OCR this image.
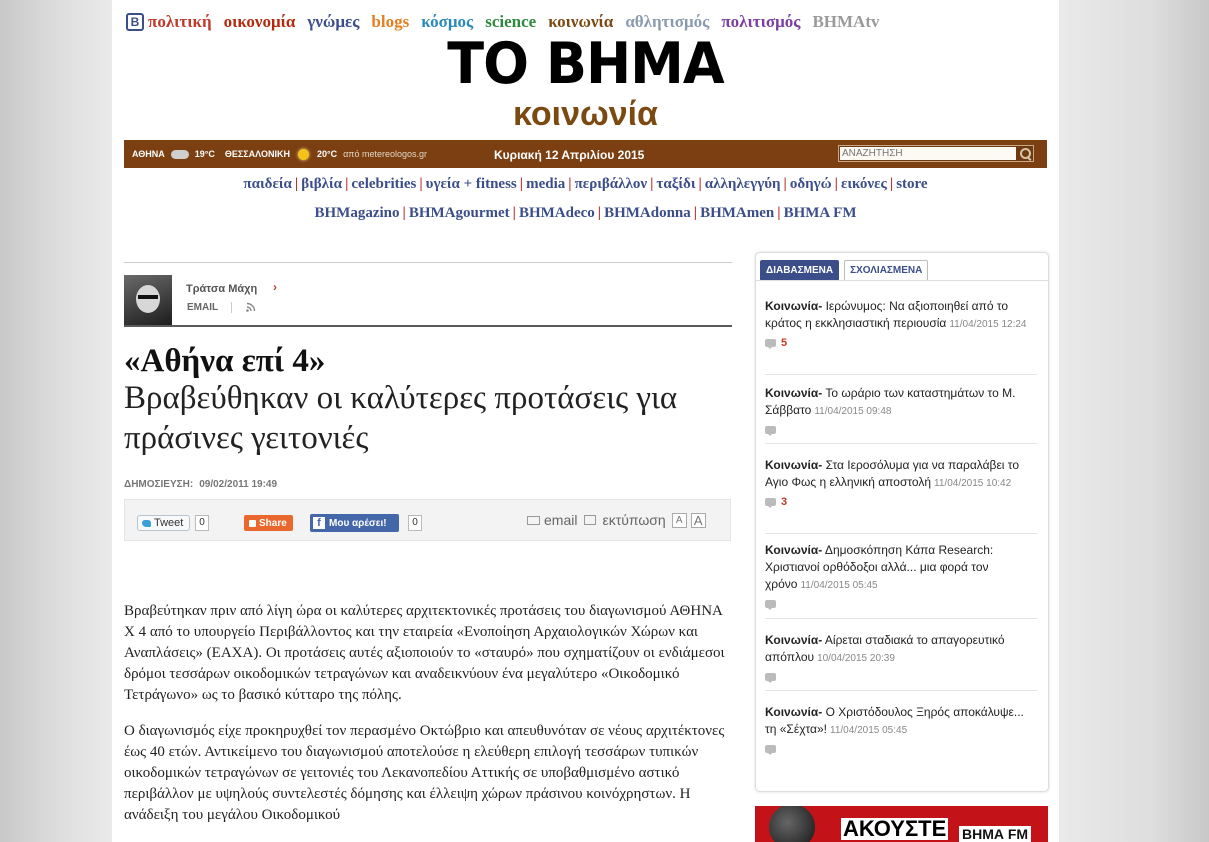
B πολιτική οικονομία γνώμες blogs κόσμος science κοινωνία αθλητισμός πολιτισμός BHMAtv
ΤΟ ΒΗΜΑ
κοινωνία
ΑΘΗΝΑ	19°C ΘΕΣΣΑΛΟΝΙΚΗ	20°C από metereologos.gr	Κυριακή 12 Απριλίου 2015
ΑΝΑΖΗΤΗΣΗ
παιδεία | βιβλία | celebrities | υγεία + fitness | media | περιβάλλον | ταξίδι | αλληλεγγύη | οδηγώ | εικόνες | store
BHMagazino | BHMAgourmet | BHMAdeco | BHMAdonna | BHMAmen | BHMA FM
Τράτσα Μάχη ›
EMAIL
«Αθήνα επί 4»
Βραβεύθηκαν οι καλύτερες προτάσεις για πράσινες γειτονιές
ΔΗΜΟΣΙΕΥΣΗ: 09/02/2011 19:49
Tweet	0	Share	f Μου αρέσει!	0	email εκτύπωση	A A

Βραβεύτηκαν πριν από λίγη ώρα οι καλύτερες αρχιτεκτονικές προτάσεις του διαγωνισμού ΑΘΗΝΑ Χ 4 από το υπουργείο Περιβάλλοντος και την εταιρεία «Ενοποίηση Αρχαιολογικών Χώρων και Αναπλάσεις» (ΕΑΧΑ). Οι προτάσεις αυτές αξιοποιούν το «σταυρό» που σχηματίζουν οι ενδιάμεσοι δρόμοι τεσσάρων οικοδομικών τετραγώνων και αναδεικνύουν ένα μεγαλύτερο «Οικοδομικό Τετράγωνο» ως το βασικό κύτταρο της πόλης.

Ο διαγωνισμός είχε προκηρυχθεί τον περασμένο Οκτώβριο και απευθυνόταν σε νέους αρχιτέκτονες έως 40 ετών. Αντικείμενο του διαγωνισμού αποτελούσε η ελεύθερη επιλογή τεσσάρων τυπικών οικοδομικών τετραγώνων σε γειτονιές του Λεκανοπεδίου Αττικής σε υποβαθμισμένο αστικό περιβάλλον με υψηλούς συντελεστές δόμησης και έλλειψη χώρων πράσινου κοινόχρηστων. Η ανάδειξη του μεγάλου Οικοδομικού

ΔΙΑΒΑΣΜΕΝΑ	ΣΧΟΛΙΑΣΜΕΝΑ
Κοινωνία- Ιερώνυμος: Να αξιοποιηθεί από το κράτος η εκκλησιαστική περιουσία 11/04/2015 12:24
5
Κοινωνία- Το ωράριο των καταστημάτων το Μ. Σάββατο 11/04/2015 09:48
Κοινωνία- Στα Ιεροσόλυμα για να παραλάβει το Αγιο Φως η ελληνική αποστολή 11/04/2015 10:42
3
Κοινωνία- Δημοσκόπηση Κάπα Research: Χριστιανοί ορθόδοξοι αλλά... μια φορά τον χρόνο 11/04/2015 05:45
Κοινωνία- Αίρεται σταδιακά το απαγορευτικό απόπλου 10/04/2015 20:39
Κοινωνία- Ο Χριστόδουλος Ξηρός αποκάλυψε... τη «Σέχτα»! 11/04/2015 05:45
ΑΚΟΥΣΤΕ ΒΗΜΑ FM
